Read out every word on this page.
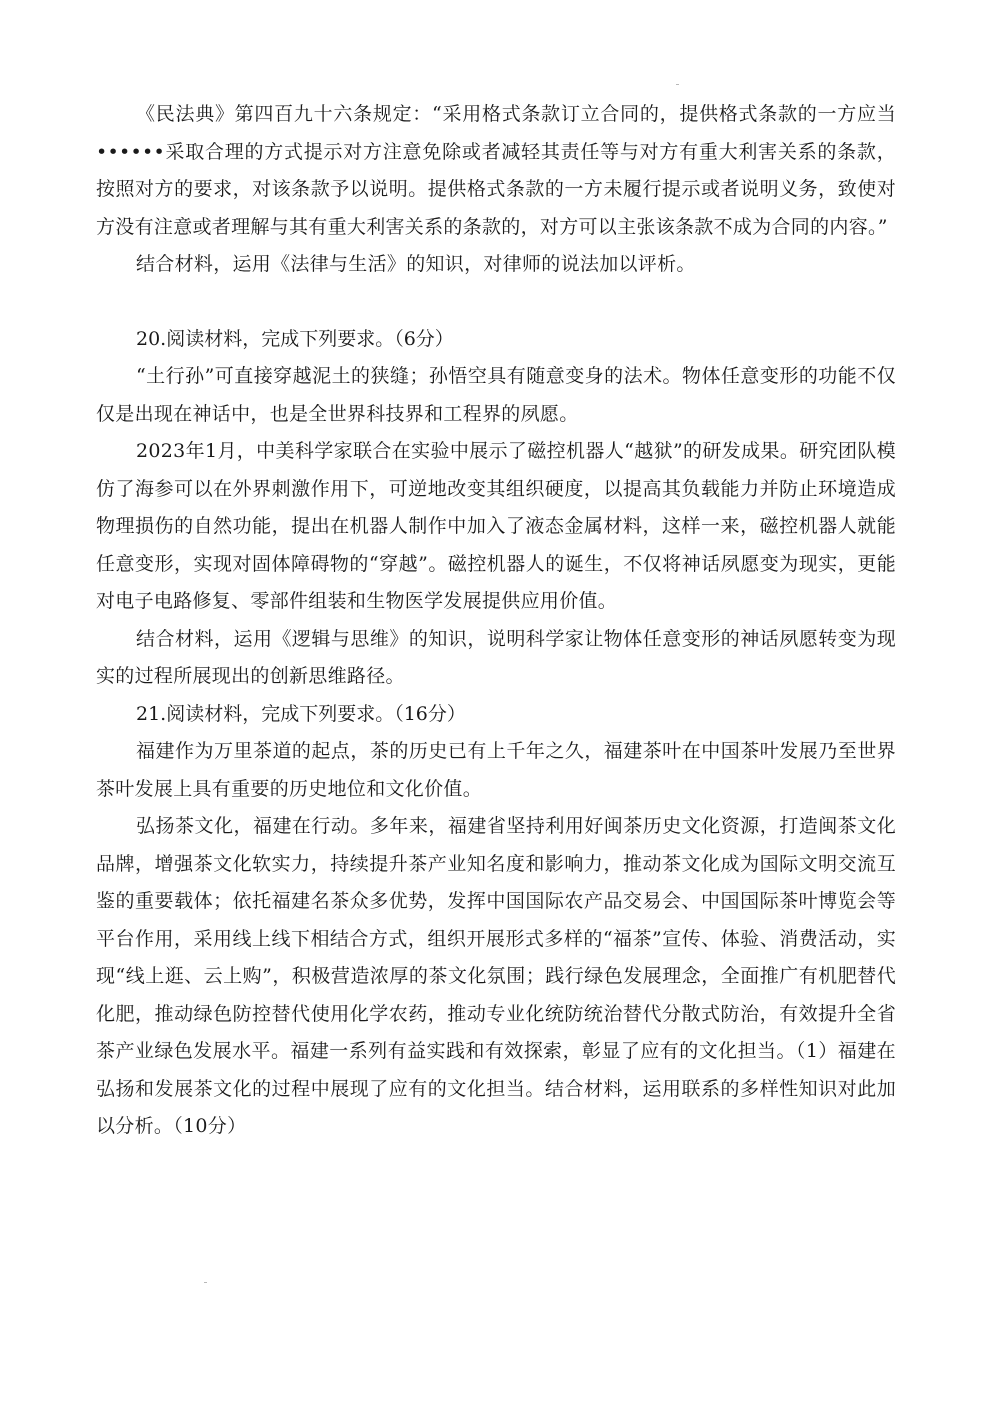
《民法典》第四百九十六条规定：“采用格式条款订立合同的，提供格式条款的一方应当••••••采取合理的方式提示对方注意免除或者减轻其责任等与对方有重大利害关系的条款，按照对方的要求，对该条款予以说明。提供格式条款的一方未履行提示或者说明义务，致使对方没有注意或者理解与其有重大利害关系的条款的，对方可以主张该条款不成为合同的内容。”

结合材料，运用《法律与生活》的知识，对律师的说法加以评析。

20.阅读材料，完成下列要求。（6分）

“土行孙”可直接穿越泥土的狭缝；孙悟空具有随意变身的法术。物体任意变形的功能不仅仅是出现在神话中，也是全世界科技界和工程界的夙愿。

2023年1月，中美科学家联合在实验中展示了磁控机器人“越狱”的研发成果。研究团队模仿了海参可以在外界刺激作用下，可逆地改变其组织硬度，以提高其负载能力并防止环境造成物理损伤的自然功能，提出在机器人制作中加入了液态金属材料，这样一来，磁控机器人就能任意变形，实现对固体障碍物的“穿越”。磁控机器人的诞生，不仅将神话夙愿变为现实，更能对电子电路修复、零部件组装和生物医学发展提供应用价值。

结合材料，运用《逻辑与思维》的知识，说明科学家让物体任意变形的神话夙愿转变为现实的过程所展现出的创新思维路径。

21.阅读材料，完成下列要求。（16分）

福建作为万里茶道的起点，茶的历史已有上千年之久，福建茶叶在中国茶叶发展乃至世界茶叶发展上具有重要的历史地位和文化价值。

弘扬茶文化，福建在行动。多年来，福建省坚持利用好闽茶历史文化资源，打造闽茶文化品牌，增强茶文化软实力，持续提升茶产业知名度和影响力，推动茶文化成为国际文明交流互鉴的重要载体；依托福建名茶众多优势，发挥中国国际农产品交易会、中国国际茶叶博览会等平台作用，采用线上线下相结合方式，组织开展形式多样的“福茶”宣传、体验、消费活动，实现“线上逛、云上购”，积极营造浓厚的茶文化氛围；践行绿色发展理念，全面推广有机肥替代化肥，推动绿色防控替代使用化学农药，推动专业化统防统治替代分散式防治，有效提升全省茶产业绿色发展水平。福建一系列有益实践和有效探索，彰显了应有的文化担当。（1）福建在弘扬和发展茶文化的过程中展现了应有的文化担当。结合材料，运用联系的多样性知识对此加以分析。（10分）
